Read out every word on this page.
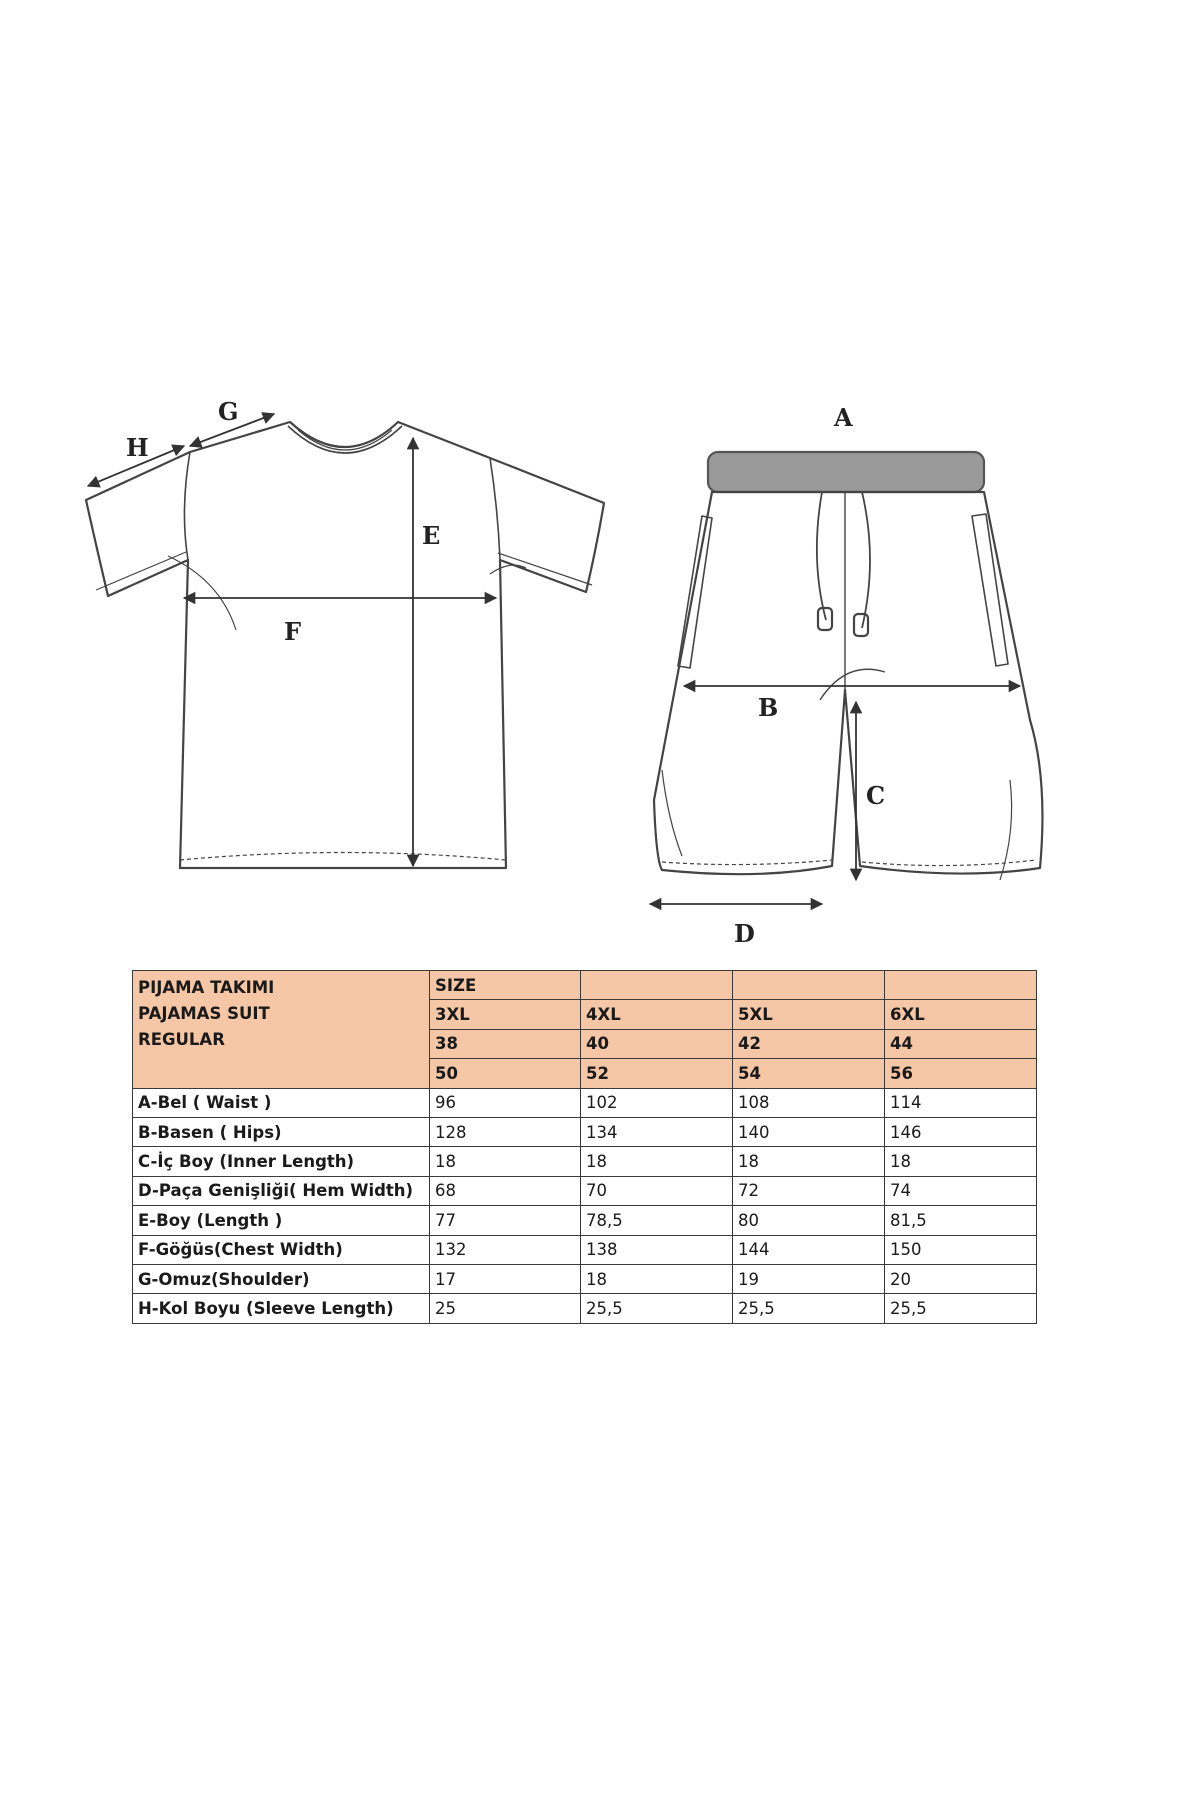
H
G
E
F
A
B
C
D
PIJAMA TAKIMI
PAJAMAS SUIT
REGULAR	SIZE			
	3XL	4XL	5XL	6XL
	38	40	42	44
	50	52	54	56
A-Bel ( Waist )	96	102	108	114
B-Basen ( Hips)	128	134	140	146
C-İç Boy (Inner Length)	18	18	18	18
D-Paça Genişliği( Hem Width)	68	70	72	74
E-Boy (Length )	77	78,5	80	81,5
F-Göğüs(Chest Width)	132	138	144	150
G-Omuz(Shoulder)	17	18	19	20
H-Kol Boyu (Sleeve Length)	25	25,5	25,5	25,5
